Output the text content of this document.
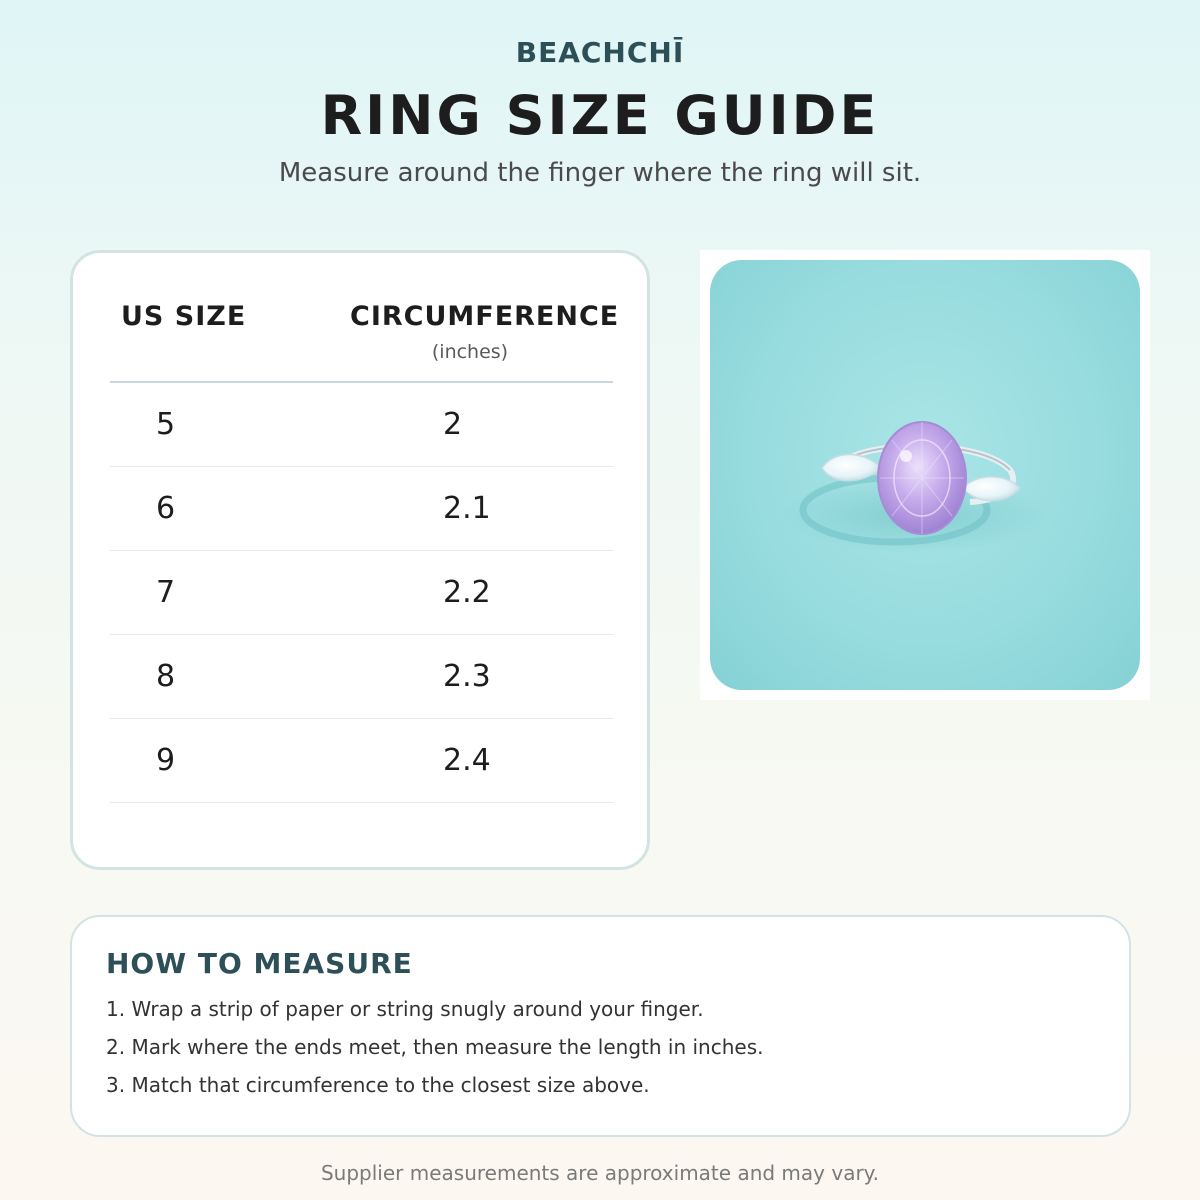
BEACHCHĪ
RING SIZE GUIDE

Measure around the finger where the ring will sit.

US SIZE	CIRCUMFERENCE
(inches)
5	2
6	2.1
7	2.2
8	2.3
9	2.4
HOW TO MEASURE
1. Wrap a strip of paper or string snugly around your finger.
2. Mark where the ends meet, then measure the length in inches.
3. Match that circumference to the closest size above.

Supplier measurements are approximate and may vary.
